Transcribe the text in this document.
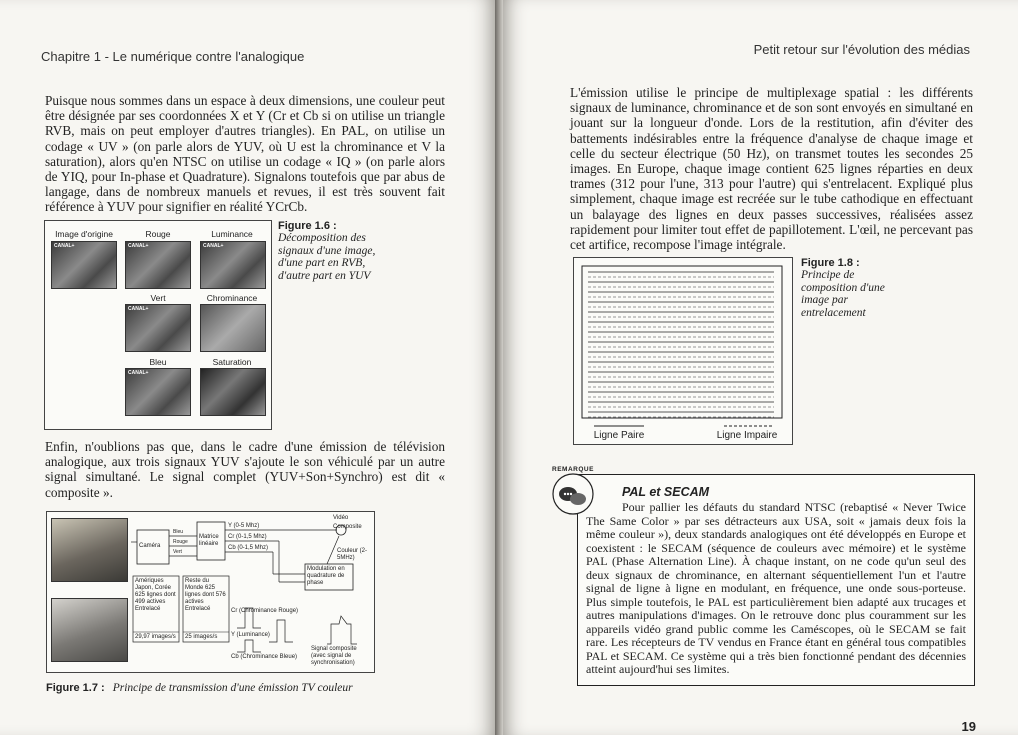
Chapitre 1 - Le numérique contre l'analogique
Puisque nous sommes dans un espace à deux dimensions, une couleur peut être désignée par ses coordonnées X et Y (Cr et Cb si on utilise un triangle RVB, mais on peut employer d'autres triangles). En PAL, on utilise un codage « UV » (on parle alors de YUV, où U est la chrominance et V la saturation), alors qu'en NTSC on utilise un codage « IQ » (on parle alors de YIQ, pour In-phase et Quadrature). Signalons toutefois que par abus de langage, dans de nombreux manuels et revues, il est très souvent fait référence à YUV pour signifier en réalité YCrCb.
Image d'origine	Rouge	Luminance
CANAL+	CANAL+	CANAL+
Vert	Chrominance
CANAL+
Bleu	Saturation
CANAL+
Figure 1.6 :
Décomposition des signaux d'une image, d'une part en RVB, d'autre part en YUV
Enfin, n'oublions pas que, dans le cadre d'une émission de télévision analogique, aux trois signaux YUV s'ajoute le son véhiculé par un autre signal simultané. Le signal complet (YUV+Son+Synchro) est dit « composite ».
Caméra
Bleu
Rouge
Vert
Matrice linéaire
Y (0-5 Mhz)
Cr (0-1,5 Mhz)
Cb (0-1,5 Mhz)
Vidéo
Composite
Couleur (2-5MHz)
Modulation en quadrature de phase
Amériques Japon, Corée 625 lignes dont 499 actives Entrelacé
29,97 images/s
Reste du Monde 625 lignes dont 576 actives Entrelacé
25 images/s
Cr (Chrominance Rouge)
Y (Luminance)
Cb (Chrominance Bleue)
Signal composite (avec signal de synchronisation)
Figure 1.7 : Principe de transmission d'une émission TV couleur
Petit retour sur l'évolution des médias
L'émission utilise le principe de multiplexage spatial : les différents signaux de luminance, chrominance et de son sont envoyés en simultané en jouant sur la longueur d'onde. Lors de la restitution, afin d'éviter des battements indésirables entre la fréquence d'analyse de chaque image et celle du secteur électrique (50 Hz), on transmet toutes les secondes 25 images. En Europe, chaque image contient 625 lignes réparties en deux trames (312 pour l'une, 313 pour l'autre) qui s'entrelacent. Expliqué plus simplement, chaque image est recréée sur le tube cathodique en effectuant un balayage des lignes en deux passes successives, réalisées assez rapidement pour limiter tout effet de papillotement. L'œil, ne percevant pas cet artifice, recompose l'image intégrale.
Ligne Paire	Ligne Impaire
Figure 1.8 :
Principe de composition d'une image par entrelacement
PAL et SECAM
Pour pallier les défauts du standard NTSC (rebaptisé « Never Twice The Same Color » par ses détracteurs aux USA, soit « jamais deux fois la même couleur »), deux standards analogiques ont été développés en Europe et coexistent : le SECAM (séquence de couleurs avec mémoire) et le système PAL (Phase Alternation Line). À chaque instant, on ne code qu'un seul des deux signaux de chrominance, en alternant séquentiellement l'un et l'autre signal de ligne à ligne en modulant, en fréquence, une onde sous-porteuse. Plus simple toutefois, le PAL est particulièrement bien adapté aux trucages et autres manipulations d'images. On le retrouve donc plus couramment sur les appareils vidéo grand public comme les Caméscopes, où le SECAM se fait rare. Les récepteurs de TV vendus en France étant en général tous compatibles PAL et SECAM. Ce système qui a très bien fonctionné pendant des décennies atteint aujourd'hui ses limites.
REMARQUE
19
